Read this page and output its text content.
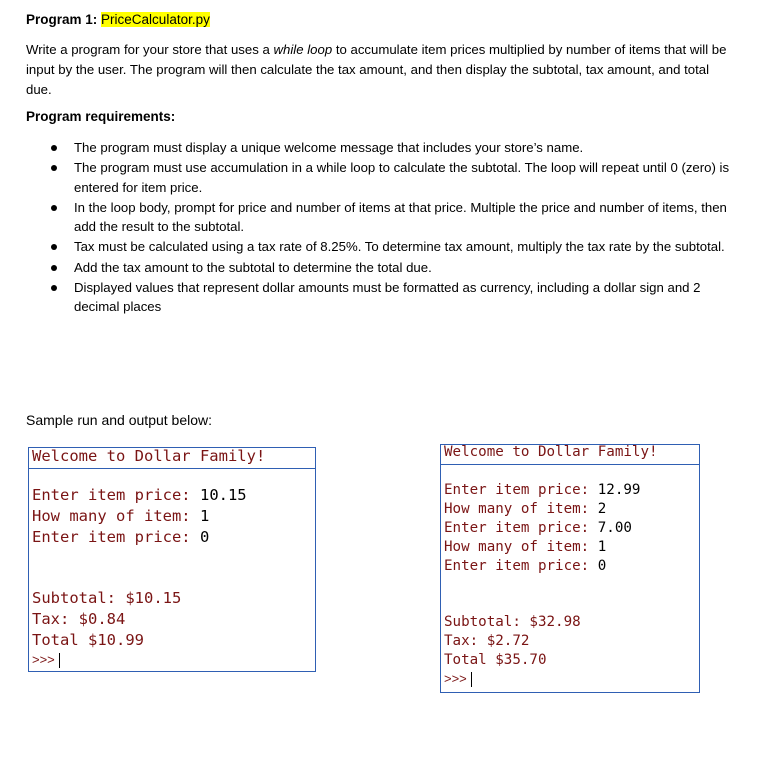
Program 1: PriceCalculator.py
Write a program for your store that uses a while loop to accumulate item prices multiplied by number of items that will be input by the user. The program will then calculate the tax amount, and then display the subtotal, tax amount, and total due.
Program requirements:
The program must display a unique welcome message that includes your store’s name.
The program must use accumulation in a while loop to calculate the subtotal. The loop will repeat until 0 (zero) is entered for item price.
In the loop body, prompt for price and number of items at that price. Multiple the price and number of items, then add the result to the subtotal.
Tax must be calculated using a tax rate of 8.25%. To determine tax amount, multiply the tax rate by the subtotal.
Add the tax amount to the subtotal to determine the total due.
Displayed values that represent dollar amounts must be formatted as currency, including a dollar sign and 2 decimal places
Sample run and output below:
Welcome to Dollar Family!
Enter item price: 10.15
How many of item: 1
Enter item price: 0
Subtotal: $10.15
Tax: $0.84
Total $10.99
>>>
Welcome to Dollar Family!
Enter item price: 12.99
How many of item: 2
Enter item price: 7.00
How many of item: 1
Enter item price: 0
Subtotal: $32.98
Tax: $2.72
Total $35.70
>>>
